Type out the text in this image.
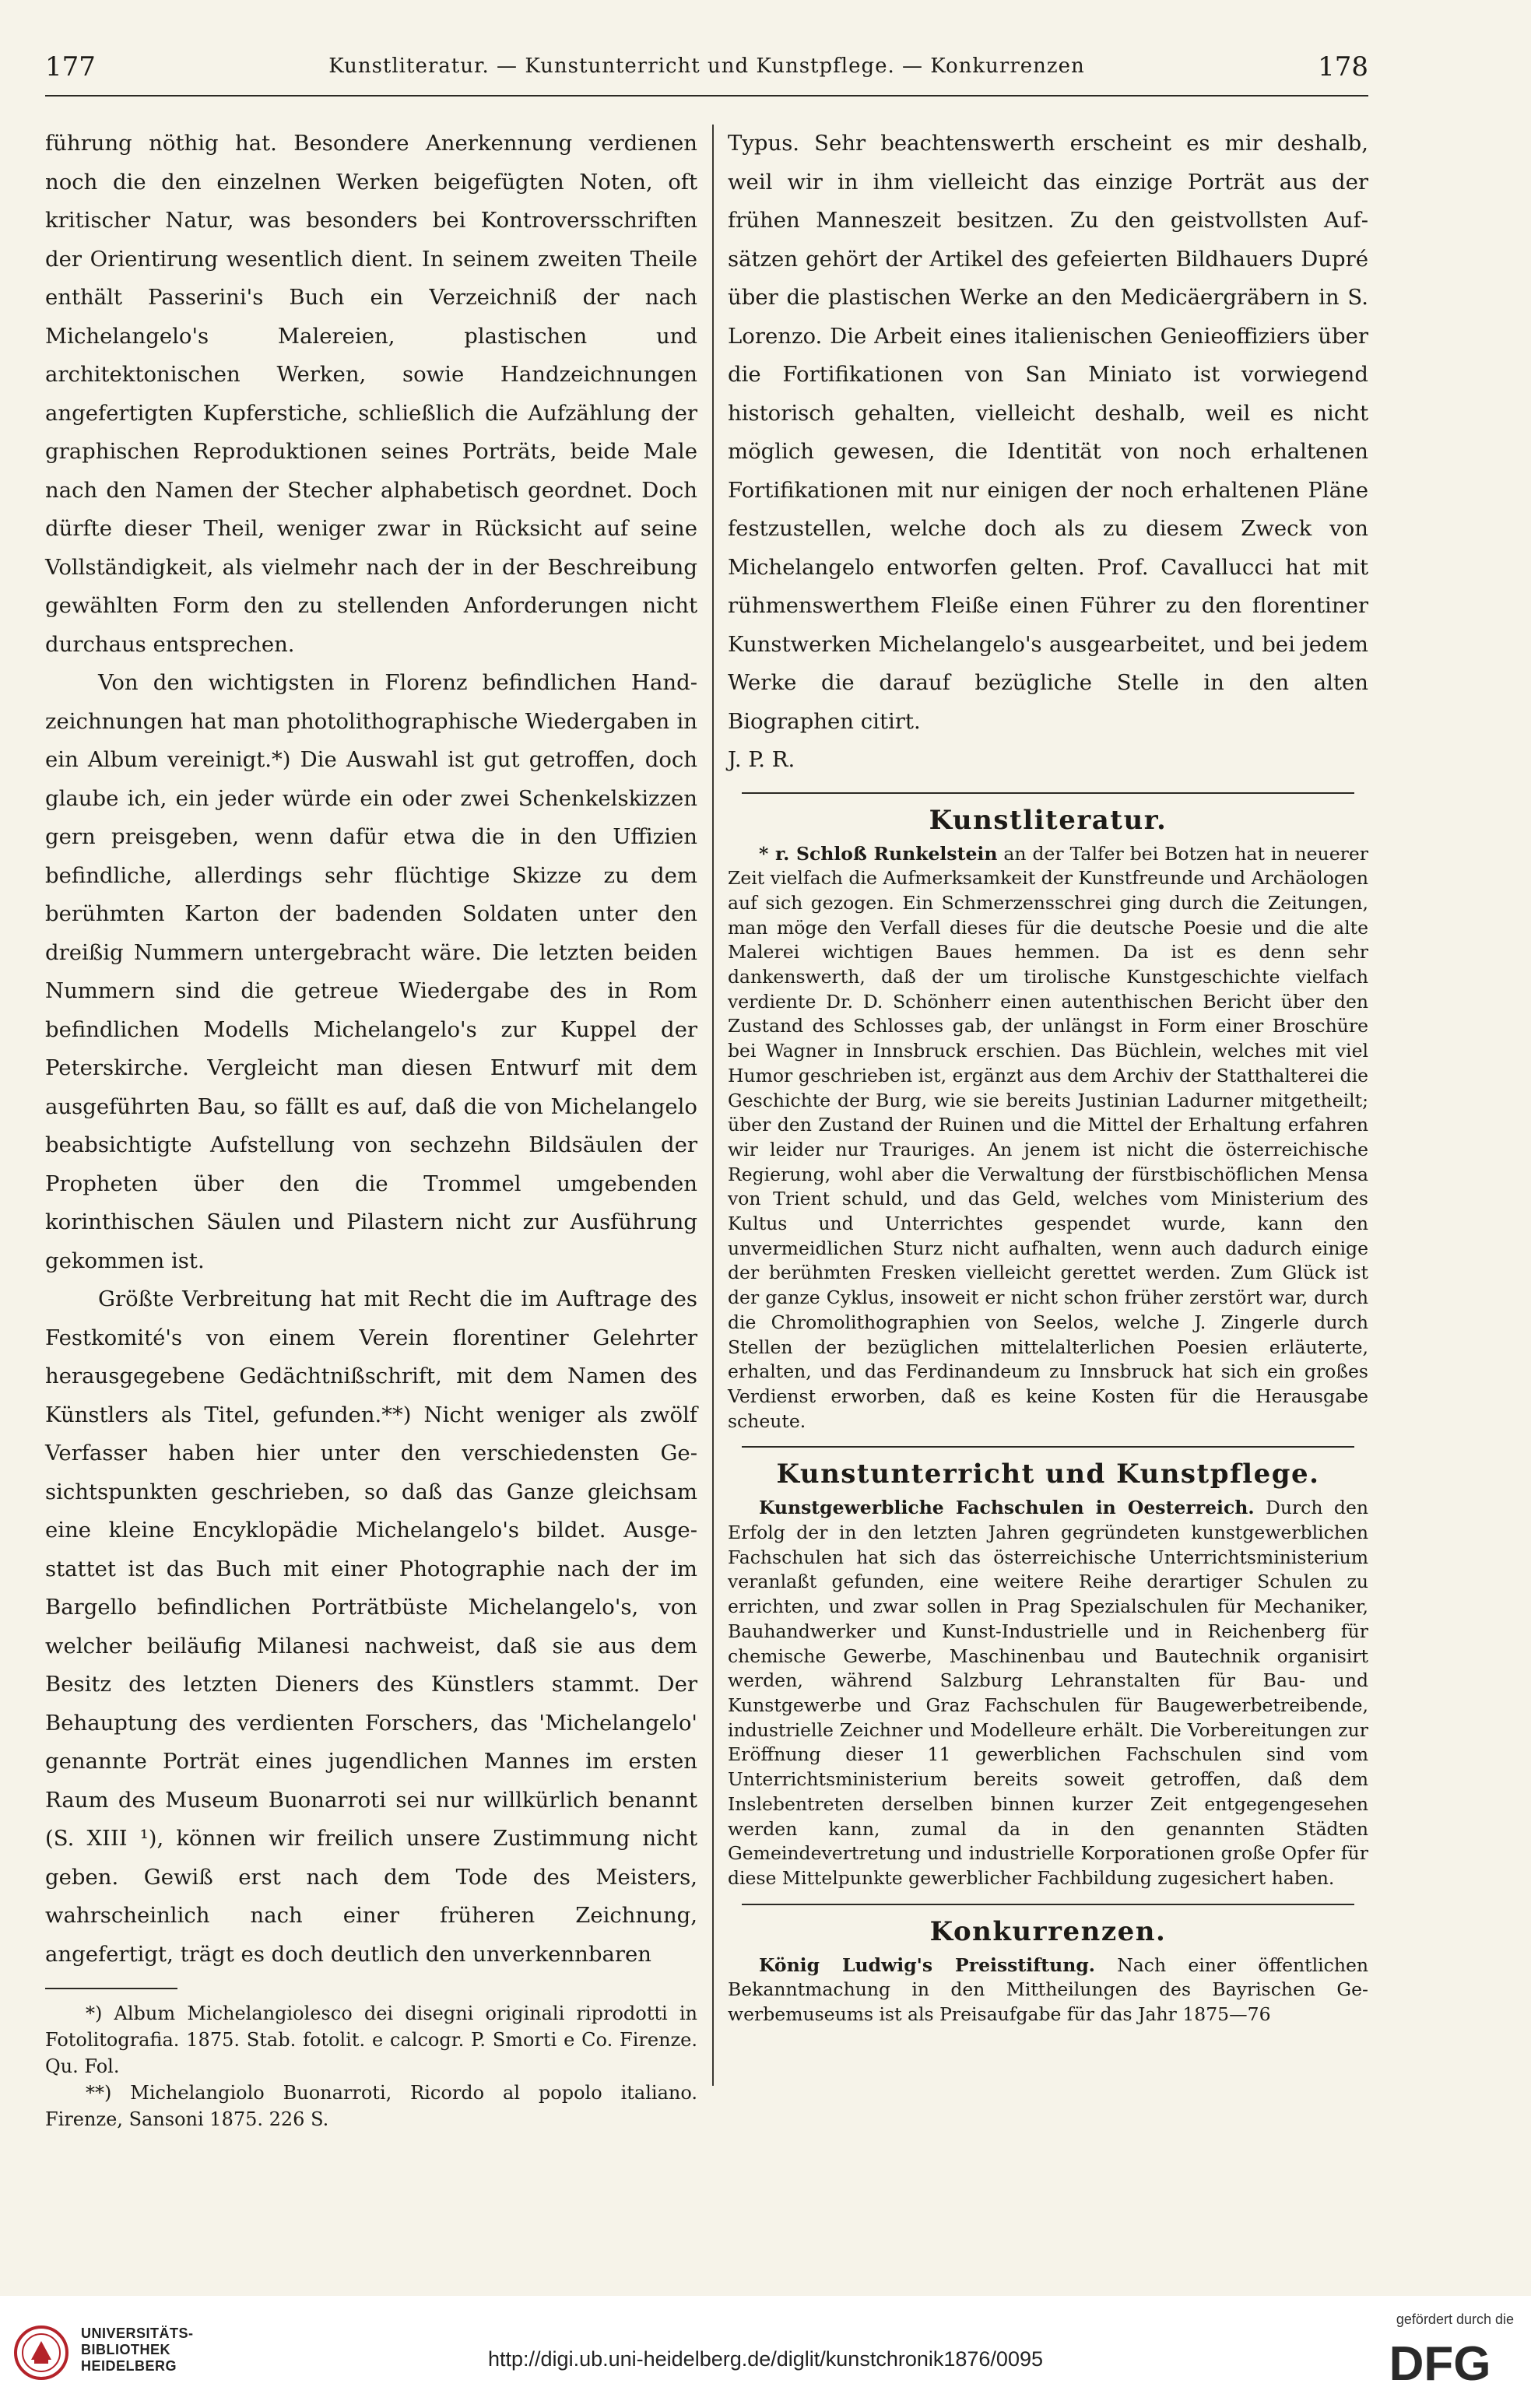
177	Kunstliteratur. — Kunstunterricht und Kunstpflege. — Konkurrenzen	178

führung nöthig hat. Besondere Anerkennung verdienen noch die den einzelnen Werken beigefügten Noten, oft kritischer Natur, was besonders bei Kontroversschriften der Orientirung wesentlich dient. In seinem zweiten Theile enthält Passerini's Buch ein Verzeichniß der nach Michelangelo's Malereien, plastischen und architektonischen Werken, sowie Handzeichnungen angefertigten Kupferstiche, schließlich die Aufzählung der graphischen Reproduktionen seines Porträts, beide Male nach den Namen der Stecher alphabetisch geordnet. Doch dürfte dieser Theil, weniger zwar in Rücksicht auf seine Vollständigkeit, als vielmehr nach der in der Beschreibung gewählten Form den zu stellenden Anforderungen nicht durchaus entsprechen.

Von den wichtigsten in Florenz befindlichen Handzeichnungen hat man photolithographische Wiedergaben in ein Album vereinigt.*) Die Auswahl ist gut getroffen, doch glaube ich, ein jeder würde ein oder zwei Schenkelskizzen gern preisgeben, wenn dafür etwa die in den Uffizien befindliche, allerdings sehr flüchtige Skizze zu dem berühmten Karton der badenden Soldaten unter den dreißig Nummern untergebracht wäre. Die letzten beiden Nummern sind die getreue Wiedergabe des in Rom befindlichen Modells Michelangelo's zur Kuppel der Peterskirche. Vergleicht man diesen Entwurf mit dem ausgeführten Bau, so fällt es auf, daß die von Michelangelo beabsichtigte Aufstellung von sechzehn Bildsäulen der Propheten über den die Trommel umgebenden korinthischen Säulen und Pilastern nicht zur Ausführung gekommen ist.

Größte Verbreitung hat mit Recht die im Auftrage des Festkomité's von einem Verein florentiner Gelehrter herausgegebene Gedächtnißschrift, mit dem Namen des Künstlers als Titel, gefunden.**) Nicht weniger als zwölf Verfasser haben hier unter den verschiedensten Gesichtspunkten geschrieben, so daß das Ganze gleichsam eine kleine Encyklopädie Michelangelo's bildet. Ausgestattet ist das Buch mit einer Photographie nach der im Bargello befindlichen Porträtbüste Michelangelo's, von welcher beiläufig Milanesi nachweist, daß sie aus dem Besitz des letzten Dieners des Künstlers stammt. Der Behauptung des verdienten Forschers, das 'Michelangelo' genannte Porträt eines jugendlichen Mannes im ersten Raum des Museum Buonarroti sei nur willkürlich benannt (S. XIII ¹), können wir freilich unsere Zustimmung nicht geben. Gewiß erst nach dem Tode des Meisters, wahrscheinlich nach einer früheren Zeichnung, angefertigt, trägt es doch deutlich den unverkennbaren

*) Album Michelangiolesco dei disegni originali riprodotti in Fotolitografia. 1875. Stab. fotolit. e calcogr. P. Smorti e Co. Firenze. Qu. Fol.

**) Michelangiolo Buonarroti, Ricordo al popolo italiano. Firenze, Sansoni 1875. 226 S.

Typus. Sehr beachtenswerth erscheint es mir deshalb, weil wir in ihm vielleicht das einzige Porträt aus der frühen Manneszeit besitzen. Zu den geistvollsten Aufsätzen gehört der Artikel des gefeierten Bildhauers Dupré über die plastischen Werke an den Medicäergräbern in S. Lorenzo. Die Arbeit eines italienischen Genieoffiziers über die Fortifikationen von San Miniato ist vorwiegend historisch gehalten, vielleicht deshalb, weil es nicht möglich gewesen, die Identität von noch erhaltenen Fortifikationen mit nur einigen der noch erhaltenen Pläne festzustellen, welche doch als zu diesem Zweck von Michelangelo entworfen gelten. Prof. Cavallucci hat mit rühmenswerthem Fleiße einen Führer zu den florentiner Kunstwerken Michelangelo's ausgearbeitet, und bei jedem Werke die darauf bezügliche Stelle in den alten Biographen citirt.

J. P. R.

Kunstliteratur.

* r. Schloß Runkelstein an der Talfer bei Botzen hat in neuerer Zeit vielfach die Aufmerksamkeit der Kunstfreunde und Archäologen auf sich gezogen. Ein Schmerzensschrei ging durch die Zeitungen, man möge den Verfall dieses für die deutsche Poesie und die alte Malerei wichtigen Baues hemmen. Da ist es denn sehr dankenswerth, daß der um tirolische Kunstgeschichte vielfach verdiente Dr. D. Schönherr einen autenthischen Bericht über den Zustand des Schlosses gab, der unlängst in Form einer Broschüre bei Wagner in Innsbruck erschien. Das Büchlein, welches mit viel Humor geschrieben ist, ergänzt aus dem Archiv der Statthalterei die Geschichte der Burg, wie sie bereits Justinian Ladurner mitgetheilt; über den Zustand der Ruinen und die Mittel der Erhaltung erfahren wir leider nur Trauriges. An jenem ist nicht die österreichische Regierung, wohl aber die Verwaltung der fürstbischöflichen Mensa von Trient schuld, und das Geld, welches vom Ministerium des Kultus und Unterrichtes gespendet wurde, kann den unvermeidlichen Sturz nicht aufhalten, wenn auch dadurch einige der berühmten Fresken vielleicht gerettet werden. Zum Glück ist der ganze Cyklus, insoweit er nicht schon früher zerstört war, durch die Chromolithographien von Seelos, welche J. Zingerle durch Stellen der bezüglichen mittelalterlichen Poesien erläuterte, erhalten, und das Ferdinandeum zu Innsbruck hat sich ein großes Verdienst erworben, daß es keine Kosten für die Herausgabe scheute.

Kunstunterricht und Kunstpflege.

Kunstgewerbliche Fachschulen in Oesterreich. Durch den Erfolg der in den letzten Jahren gegründeten kunstgewerblichen Fachschulen hat sich das österreichische Unterrichtsministerium veranlaßt gefunden, eine weitere Reihe derartiger Schulen zu errichten, und zwar sollen in Prag Spezialschulen für Mechaniker, Bauhandwerker und Kunst-Industrielle und in Reichenberg für chemische Gewerbe, Maschinenbau und Bautechnik organisirt werden, während Salzburg Lehranstalten für Bau- und Kunstgewerbe und Graz Fachschulen für Baugewerbetreibende, industrielle Zeichner und Modelleure erhält. Die Vorbereitungen zur Eröffnung dieser 11 gewerblichen Fachschulen sind vom Unterrichtsministerium bereits soweit getroffen, daß dem Inslebentreten derselben binnen kurzer Zeit entgegengesehen werden kann, zumal da in den genannten Städten Gemeindevertretung und industrielle Korporationen große Opfer für diese Mittelpunkte gewerblicher Fachbildung zugesichert haben.

Konkurrenzen.

König Ludwig's Preisstiftung. Nach einer öffentlichen Bekanntmachung in den Mittheilungen des Bayrischen Gewerbemuseums ist als Preisaufgabe für das Jahr 1875—76

UNIVERSITÄTS-
BIBLIOTHEK
HEIDELBERG	http://digi.ub.uni-heidelberg.de/diglit/kunstchronik1876/0095
gefördert durch die
DFG
